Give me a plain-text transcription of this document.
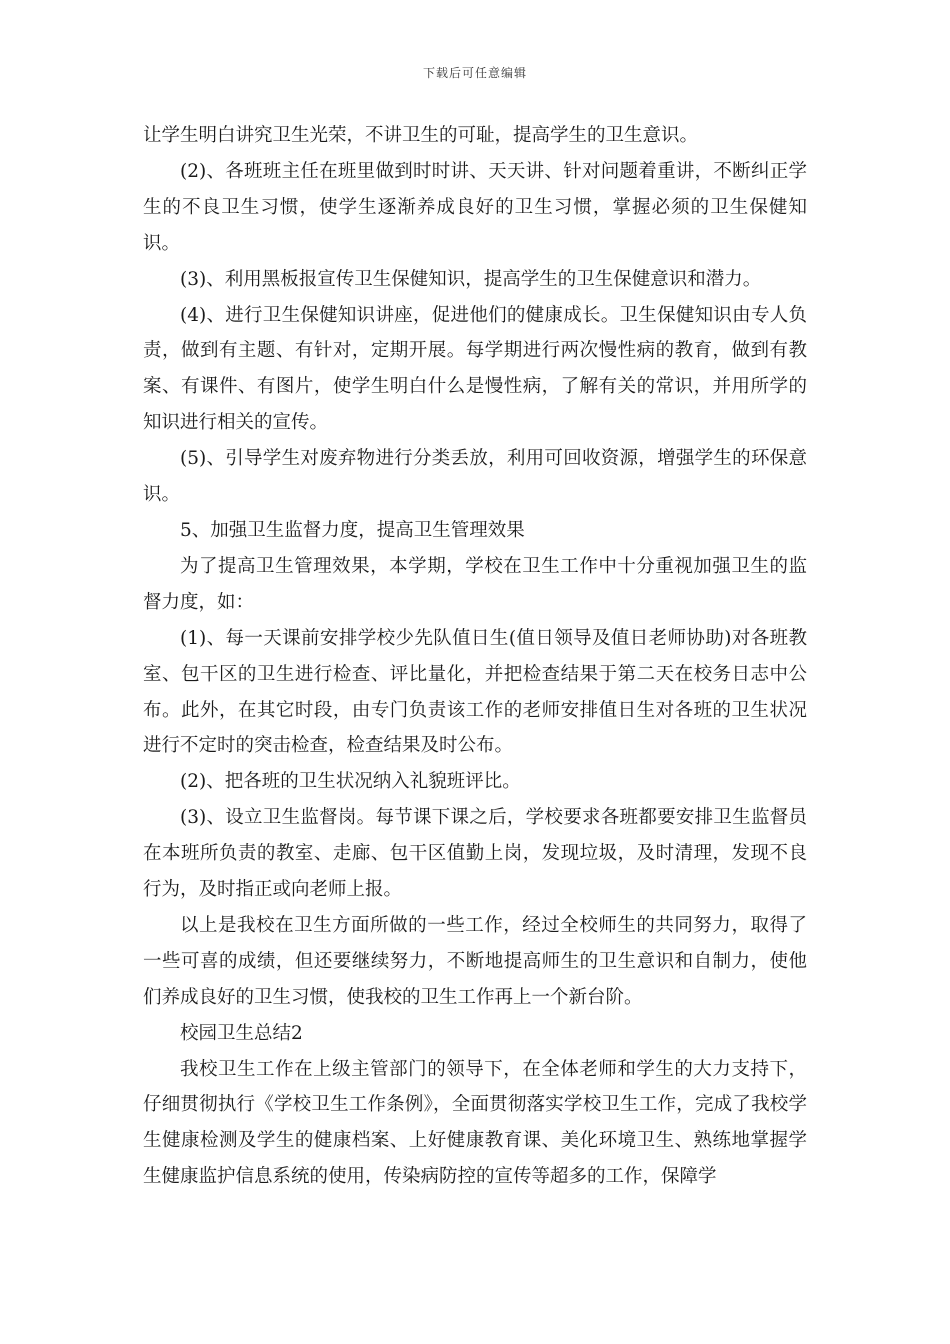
下载后可任意编辑

让学生明白讲究卫生光荣，不讲卫生的可耻，提高学生的卫生意识。

(2)、各班班主任在班里做到时时讲、天天讲、针对问题着重讲，不断纠正学生的不良卫生习惯，使学生逐渐养成良好的卫生习惯，掌握必须的卫生保健知识。

(3)、利用黑板报宣传卫生保健知识，提高学生的卫生保健意识和潜力。

(4)、进行卫生保健知识讲座，促进他们的健康成长。卫生保健知识由专人负责，做到有主题、有针对，定期开展。每学期进行两次慢性病的教育，做到有教案、有课件、有图片，使学生明白什么是慢性病，了解有关的常识，并用所学的知识进行相关的宣传。

(5)、引导学生对废弃物进行分类丢放，利用可回收资源，增强学生的环保意识。

5、加强卫生监督力度，提高卫生管理效果

为了提高卫生管理效果，本学期，学校在卫生工作中十分重视加强卫生的监督力度，如：

(1)、每一天课前安排学校少先队值日生(值日领导及值日老师协助)对各班教室、包干区的卫生进行检查、评比量化，并把检查结果于第二天在校务日志中公布。此外，在其它时段，由专门负责该工作的老师安排值日生对各班的卫生状况进行不定时的突击检查，检查结果及时公布。

(2)、把各班的卫生状况纳入礼貌班评比。

(3)、设立卫生监督岗。每节课下课之后，学校要求各班都要安排卫生监督员在本班所负责的教室、走廊、包干区值勤上岗，发现垃圾，及时清理，发现不良行为，及时指正或向老师上报。

以上是我校在卫生方面所做的一些工作，经过全校师生的共同努力，取得了一些可喜的成绩，但还要继续努力，不断地提高师生的卫生意识和自制力，使他们养成良好的卫生习惯，使我校的卫生工作再上一个新台阶。

校园卫生总结2

我校卫生工作在上级主管部门的领导下，在全体老师和学生的大力支持下，仔细贯彻执行《学校卫生工作条例》，全面贯彻落实学校卫生工作，完成了我校学生健康检测及学生的健康档案、上好健康教育课、美化环境卫生、熟练地掌握学生健康监护信息系统的使用，传染病防控的宣传等超多的工作，保障学
